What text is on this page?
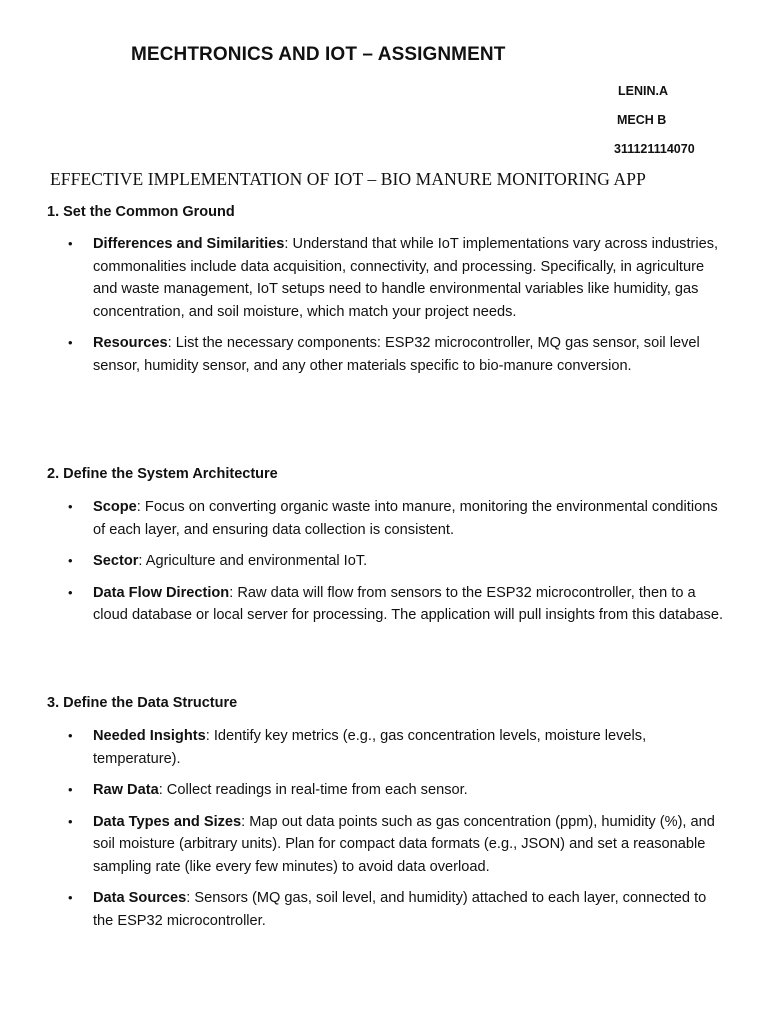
MECHTRONICS AND IOT – ASSIGNMENT
LENIN.A
MECH B
311121114070
EFFECTIVE IMPLEMENTATION OF IOT – BIO MANURE MONITORING APP
1. Set the Common Ground
• Differences and Similarities: Understand that while IoT implementations vary across industries, commonalities include data acquisition, connectivity, and processing. Specifically, in agriculture and waste management, IoT setups need to handle environmental variables like humidity, gas concentration, and soil moisture, which match your project needs.
• Resources: List the necessary components: ESP32 microcontroller, MQ gas sensor, soil level sensor, humidity sensor, and any other materials specific to bio-manure conversion.
2. Define the System Architecture
• Scope: Focus on converting organic waste into manure, monitoring the environmental conditions of each layer, and ensuring data collection is consistent.
• Sector: Agriculture and environmental IoT.
• Data Flow Direction: Raw data will flow from sensors to the ESP32 microcontroller, then to a cloud database or local server for processing. The application will pull insights from this database.
3. Define the Data Structure
• Needed Insights: Identify key metrics (e.g., gas concentration levels, moisture levels, temperature).
• Raw Data: Collect readings in real-time from each sensor.
• Data Types and Sizes: Map out data points such as gas concentration (ppm), humidity (%), and soil moisture (arbitrary units). Plan for compact data formats (e.g., JSON) and set a reasonable sampling rate (like every few minutes) to avoid data overload.
• Data Sources: Sensors (MQ gas, soil level, and humidity) attached to each layer, connected to the ESP32 microcontroller.
